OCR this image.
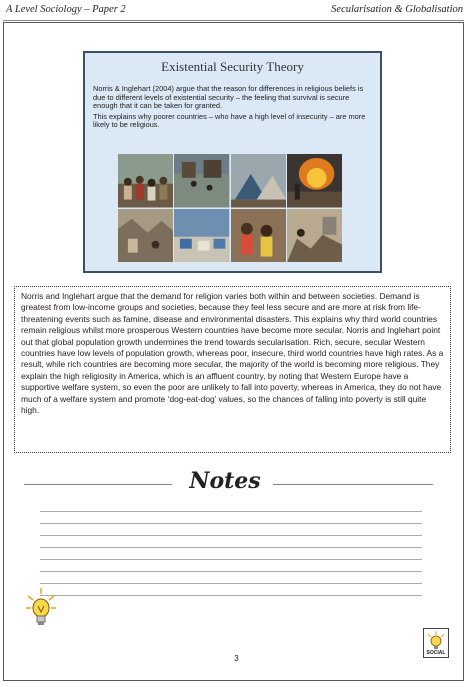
A Level Sociology – Paper 2	Secularisation & Globalisation
Existential Security Theory

Norris & Inglehart (2004) argue that the reason for differences in religious beliefs is due to different levels of existential security – the feeling that survival is secure enough that it can be taken for granted.

This explains why poorer countries – who have a high level of insecurity – are more likely to be religious.

Norris and Inglehart argue that the demand for religion varies both within and between societies. Demand is greatest from low-income groups and societies, because they feel less secure and are more at risk from life-threatening events such as famine, disease and environmental disasters. This explains why third world countries remain religious whilst more prosperous Western countries have become more secular. Norris and Inglehart point out that global population growth undermines the trend towards secularisation. Rich, secure, secular Western countries have low levels of population growth, whereas poor, insecure, third world countries have high rates. As a result, while rich countries are becoming more secular, the majority of the world is becoming more religious. They explain the high religiosity in America, which is an affluent country, by noting that Western Europe have a supportive welfare system, so even the poor are unlikely to fall into poverty, whereas in America, they do not have much of a welfare system and promote ‘dog-eat-dog’ values, so the chances of falling into poverty is still quite high.
Notes
SOCIAL
3
